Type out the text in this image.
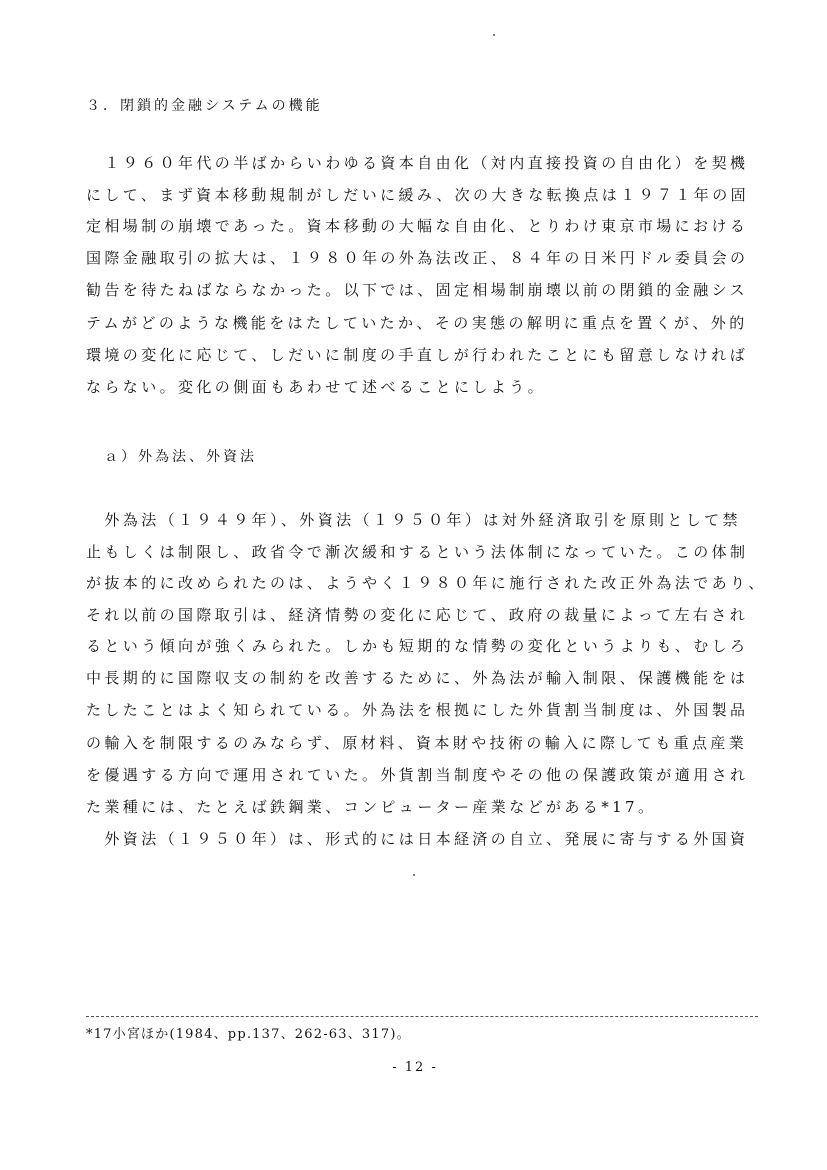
３．閉鎖的金融システムの機能
　１９６０年代の半ばからいわゆる資本自由化（対内直接投資の自由化）を契機
にして、まず資本移動規制がしだいに緩み、次の大きな転換点は１９７１年の固
定相場制の崩壊であった。資本移動の大幅な自由化、とりわけ東京市場における
国際金融取引の拡大は、１９８０年の外為法改正、８４年の日米円ドル委員会の
勧告を待たねばならなかった。以下では、固定相場制崩壊以前の閉鎖的金融シス
テムがどのような機能をはたしていたか、その実態の解明に重点を置くが、外的
環境の変化に応じて、しだいに制度の手直しが行われたことにも留意しなければ
ならない。変化の側面もあわせて述べることにしよう。
ａ）外為法、外資法
　外為法（１９４９年）、外資法（１９５０年）は対外経済取引を原則として禁
止もしくは制限し、政省令で漸次緩和するという法体制になっていた。この体制
が抜本的に改められたのは、ようやく１９８０年に施行された改正外為法であり、
それ以前の国際取引は、経済情勢の変化に応じて、政府の裁量によって左右され
るという傾向が強くみられた。しかも短期的な情勢の変化というよりも、むしろ
中長期的に国際収支の制約を改善するために、外為法が輸入制限、保護機能をは
たしたことはよく知られている。外為法を根拠にした外貨割当制度は、外国製品
の輸入を制限するのみならず、原材料、資本財や技術の輸入に際しても重点産業
を優遇する方向で運用されていた。外貨割当制度やその他の保護政策が適用され
た業種には、たとえば鉄鋼業、コンピューター産業などがある*17。
　外資法（１９５０年）は、形式的には日本経済の自立、発展に寄与する外国資
*17小宮ほか(1984、pp.137、262-63、317)。
- 12 -
